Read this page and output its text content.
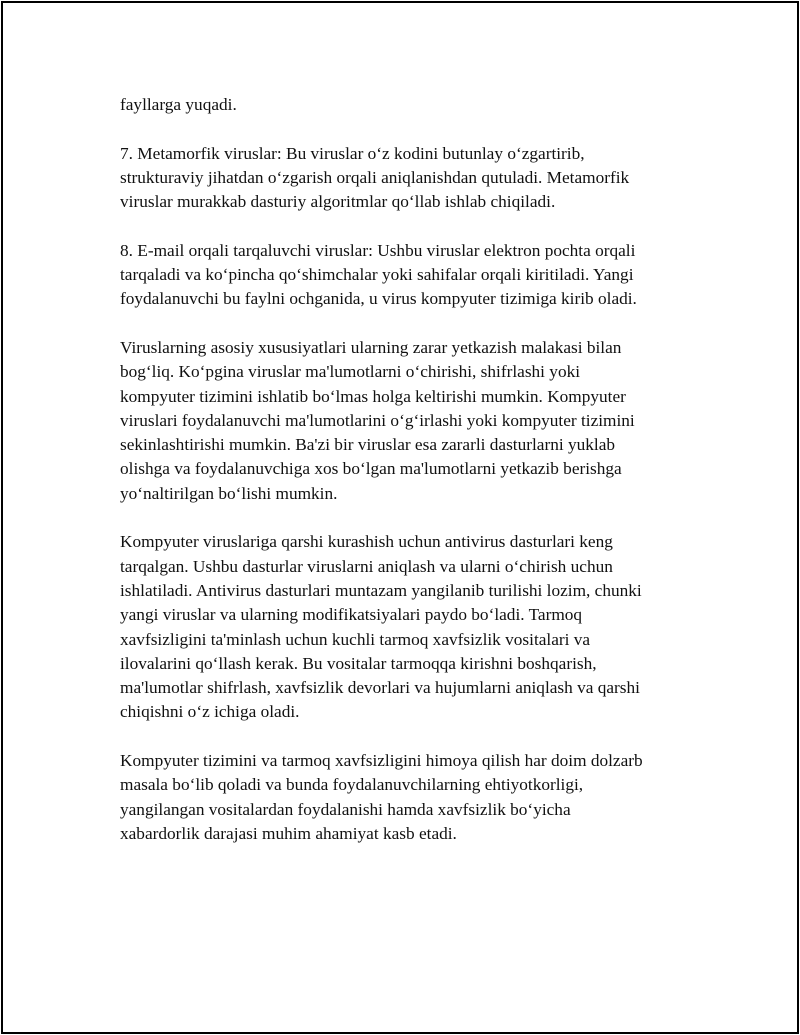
fayllarga yuqadi.
7. Metamorfik viruslar: Bu viruslar o‘z kodini butunlay o‘zgartirib,
strukturaviy jihatdan o‘zgarish orqali aniqlanishdan qutuladi. Metamorfik
viruslar murakkab dasturiy algoritmlar qo‘llab ishlab chiqiladi.
8. E-mail orqali tarqaluvchi viruslar: Ushbu viruslar elektron pochta orqali
tarqaladi va ko‘pincha qo‘shimchalar yoki sahifalar orqali kiritiladi. Yangi
foydalanuvchi bu faylni ochganida, u virus kompyuter tizimiga kirib oladi.
Viruslarning asosiy xususiyatlari ularning zarar yetkazish malakasi bilan
bog‘liq. Ko‘pgina viruslar ma'lumotlarni o‘chirishi, shifrlashi yoki
kompyuter tizimini ishlatib bo‘lmas holga keltirishi mumkin. Kompyuter
viruslari foydalanuvchi ma'lumotlarini o‘g‘irlashi yoki kompyuter tizimini
sekinlashtirishi mumkin. Ba'zi bir viruslar esa zararli dasturlarni yuklab
olishga va foydalanuvchiga xos bo‘lgan ma'lumotlarni yetkazib berishga
yo‘naltirilgan bo‘lishi mumkin.
Kompyuter viruslariga qarshi kurashish uchun antivirus dasturlari keng
tarqalgan. Ushbu dasturlar viruslarni aniqlash va ularni o‘chirish uchun
ishlatiladi. Antivirus dasturlari muntazam yangilanib turilishi lozim, chunki
yangi viruslar va ularning modifikatsiyalari paydo bo‘ladi. Tarmoq
xavfsizligini ta'minlash uchun kuchli tarmoq xavfsizlik vositalari va
ilovalarini qo‘llash kerak. Bu vositalar tarmoqqa kirishni boshqarish,
ma'lumotlar shifrlash, xavfsizlik devorlari va hujumlarni aniqlash va qarshi
chiqishni o‘z ichiga oladi.
Kompyuter tizimini va tarmoq xavfsizligini himoya qilish har doim dolzarb
masala bo‘lib qoladi va bunda foydalanuvchilarning ehtiyotkorligi,
yangilangan vositalardan foydalanishi hamda xavfsizlik bo‘yicha
xabardorlik darajasi muhim ahamiyat kasb etadi.
